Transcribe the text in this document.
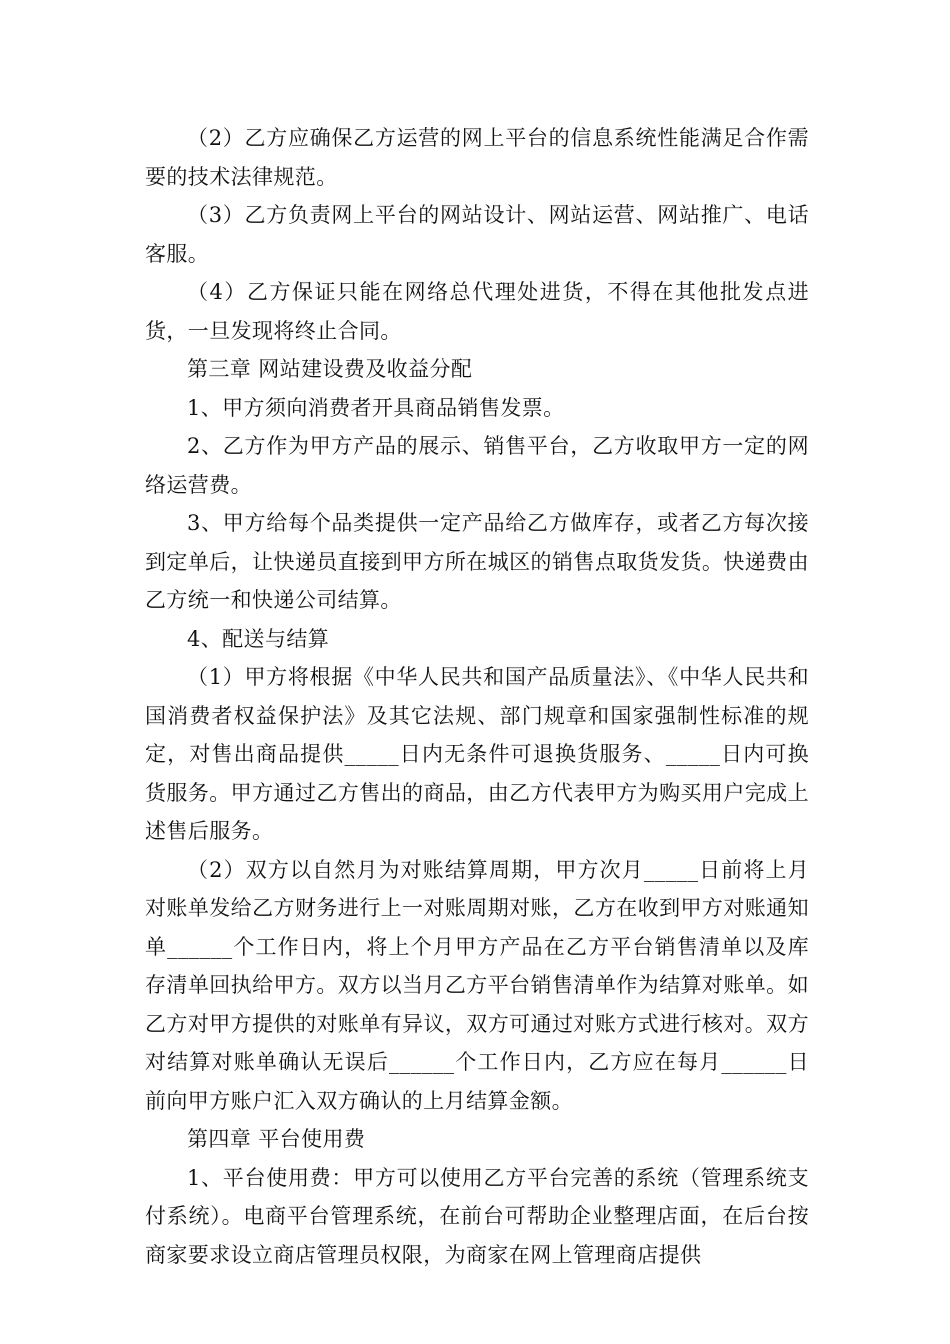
（2）乙方应确保乙方运营的网上平台的信息系统性能满足合作需要的技术法律规范。

（3）乙方负责网上平台的网站设计、网站运营、网站推广、电话客服。

（4）乙方保证只能在网络总代理处进货，不得在其他批发点进货，一旦发现将终止合同。

第三章 网站建设费及收益分配

1、甲方须向消费者开具商品销售发票。

2、乙方作为甲方产品的展示、销售平台，乙方收取甲方一定的网络运营费。

3、甲方给每个品类提供一定产品给乙方做库存，或者乙方每次接到定单后，让快递员直接到甲方所在城区的销售点取货发货。快递费由乙方统一和快递公司结算。

4、配送与结算

（1）甲方将根据《中华人民共和国产品质量法》、《中华人民共和国消费者权益保护法》及其它法规、部门规章和国家强制性标准的规定，对售出商品提供_____日内无条件可退换货服务、_____日内可换货服务。甲方通过乙方售出的商品，由乙方代表甲方为购买用户完成上述售后服务。

（2）双方以自然月为对账结算周期，甲方次月_____日前将上月对账单发给乙方财务进行上一对账周期对账，乙方在收到甲方对账通知单______个工作日内，将上个月甲方产品在乙方平台销售清单以及库存清单回执给甲方。双方以当月乙方平台销售清单作为结算对账单。如乙方对甲方提供的对账单有异议，双方可通过对账方式进行核对。双方对结算对账单确认无误后______个工作日内，乙方应在每月______日前向甲方账户汇入双方确认的上月结算金额。

第四章 平台使用费

1、平台使用费：甲方可以使用乙方平台完善的系统（管理系统支付系统）。电商平台管理系统，在前台可帮助企业整理店面，在后台按商家要求设立商店管理员权限，为商家在网上管理商店提供
